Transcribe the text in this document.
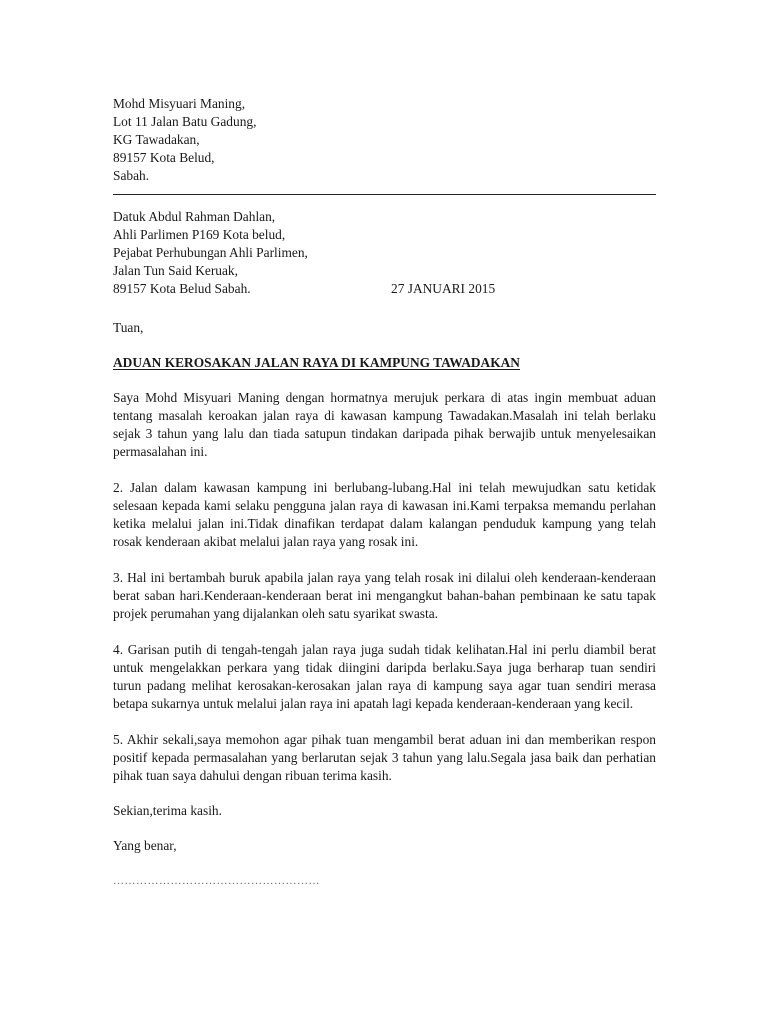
Mohd Misyuari Maning,
Lot 11 Jalan Batu Gadung,
KG Tawadakan,
89157 Kota Belud,
Sabah.
Datuk Abdul Rahman Dahlan,
Ahli Parlimen P169 Kota belud,
Pejabat Perhubungan Ahli Parlimen,
Jalan Tun Said Keruak,
89157 Kota Belud Sabah.	27 JANUARI 2015
Tuan,
ADUAN KEROSAKAN JALAN RAYA DI KAMPUNG TAWADAKAN

Saya Mohd Misyuari Maning dengan hormatnya merujuk perkara di atas ingin membuat aduan tentang masalah keroakan jalan raya di kawasan kampung Tawadakan.Masalah ini telah berlaku sejak 3 tahun yang lalu dan tiada satupun tindakan daripada pihak berwajib untuk menyelesaikan permasalahan ini.

2. Jalan dalam kawasan kampung ini berlubang-lubang.Hal ini telah mewujudkan satu ketidak selesaan kepada kami selaku pengguna jalan raya di kawasan ini.Kami terpaksa memandu perlahan ketika melalui jalan ini.Tidak dinafikan terdapat dalam kalangan penduduk kampung yang telah rosak kenderaan akibat melalui jalan raya yang rosak ini.

3. Hal ini bertambah buruk apabila jalan raya yang telah rosak ini dilalui oleh kenderaan-kenderaan berat saban hari.Kenderaan-kenderaan berat ini mengangkut bahan-bahan pembinaan ke satu tapak projek perumahan yang dijalankan oleh satu syarikat swasta.

4. Garisan putih di tengah-tengah jalan raya juga sudah tidak kelihatan.Hal ini perlu diambil berat untuk mengelakkan perkara yang tidak diingini daripda berlaku.Saya juga berharap tuan sendiri turun padang melihat kerosakan-kerosakan jalan raya di kampung saya agar tuan sendiri merasa betapa sukarnya untuk melalui jalan raya ini apatah lagi kepada kenderaan-kenderaan yang kecil.

5. Akhir sekali,saya memohon agar pihak tuan mengambil berat aduan ini dan memberikan respon positif kepada permasalahan yang berlarutan sejak 3 tahun yang lalu.Segala jasa baik dan perhatian pihak tuan saya dahului dengan ribuan terima kasih.

Sekian,terima kasih.
Yang benar,
………………………………………………
